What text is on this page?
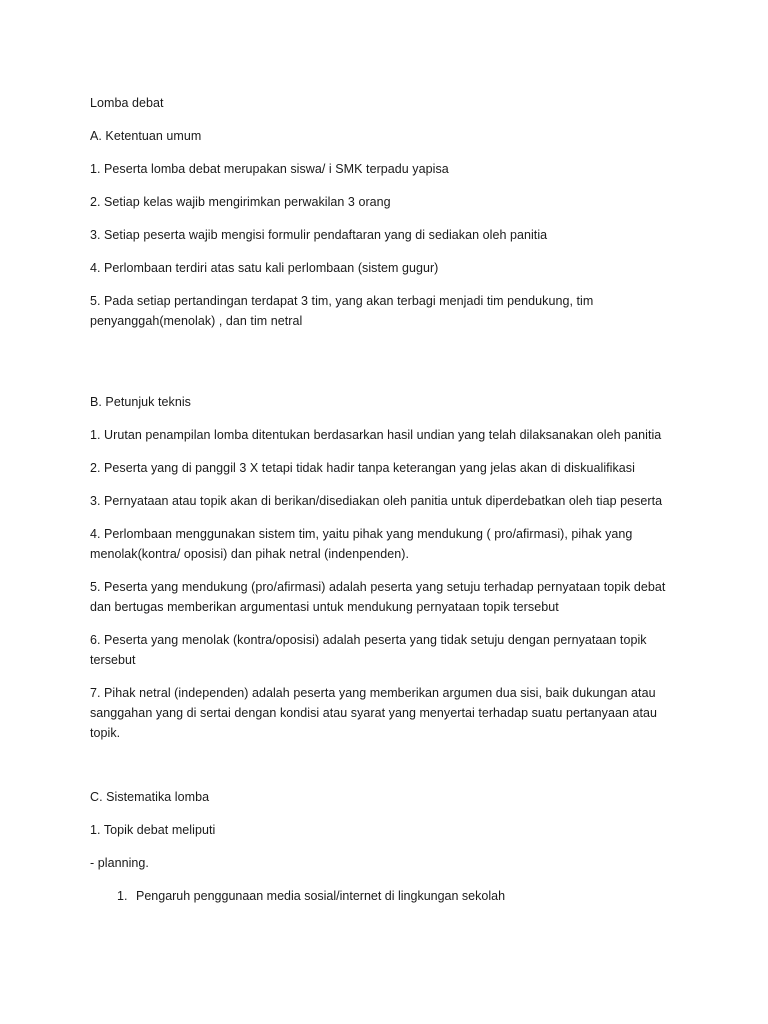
Lomba debat

A. Ketentuan umum

1. Peserta lomba debat merupakan siswa/ i SMK terpadu yapisa

2. Setiap kelas wajib mengirimkan perwakilan 3 orang

3. Setiap peserta wajib mengisi formulir pendaftaran yang di sediakan oleh panitia

4. Perlombaan terdiri atas satu kali perlombaan (sistem gugur)

5. Pada setiap pertandingan terdapat 3 tim, yang akan terbagi menjadi tim pendukung, tim penyanggah(menolak) , dan tim netral

B. Petunjuk teknis

1. Urutan penampilan lomba ditentukan berdasarkan hasil undian yang telah dilaksanakan oleh panitia

2. Peserta yang di panggil 3 X tetapi tidak hadir tanpa keterangan yang jelas akan di diskualifikasi

3. Pernyataan atau topik akan di berikan/disediakan oleh panitia untuk diperdebatkan oleh tiap peserta

4. Perlombaan menggunakan sistem tim, yaitu pihak yang mendukung ( pro/afirmasi), pihak yang menolak(kontra/ oposisi) dan pihak netral (indenpenden).

5. Peserta yang mendukung (pro/afirmasi) adalah peserta yang setuju terhadap pernyataan topik debat dan bertugas memberikan argumentasi untuk mendukung pernyataan topik tersebut

6. Peserta yang menolak (kontra/oposisi) adalah peserta yang tidak setuju dengan pernyataan topik tersebut

7. Pihak netral (independen) adalah peserta yang memberikan argumen dua sisi, baik dukungan atau sanggahan yang di sertai dengan kondisi atau syarat yang menyertai terhadap suatu pertanyaan atau topik.

C. Sistematika lomba

1. Topik debat meliputi

- planning.

1. Pengaruh penggunaan media sosial/internet di lingkungan sekolah
